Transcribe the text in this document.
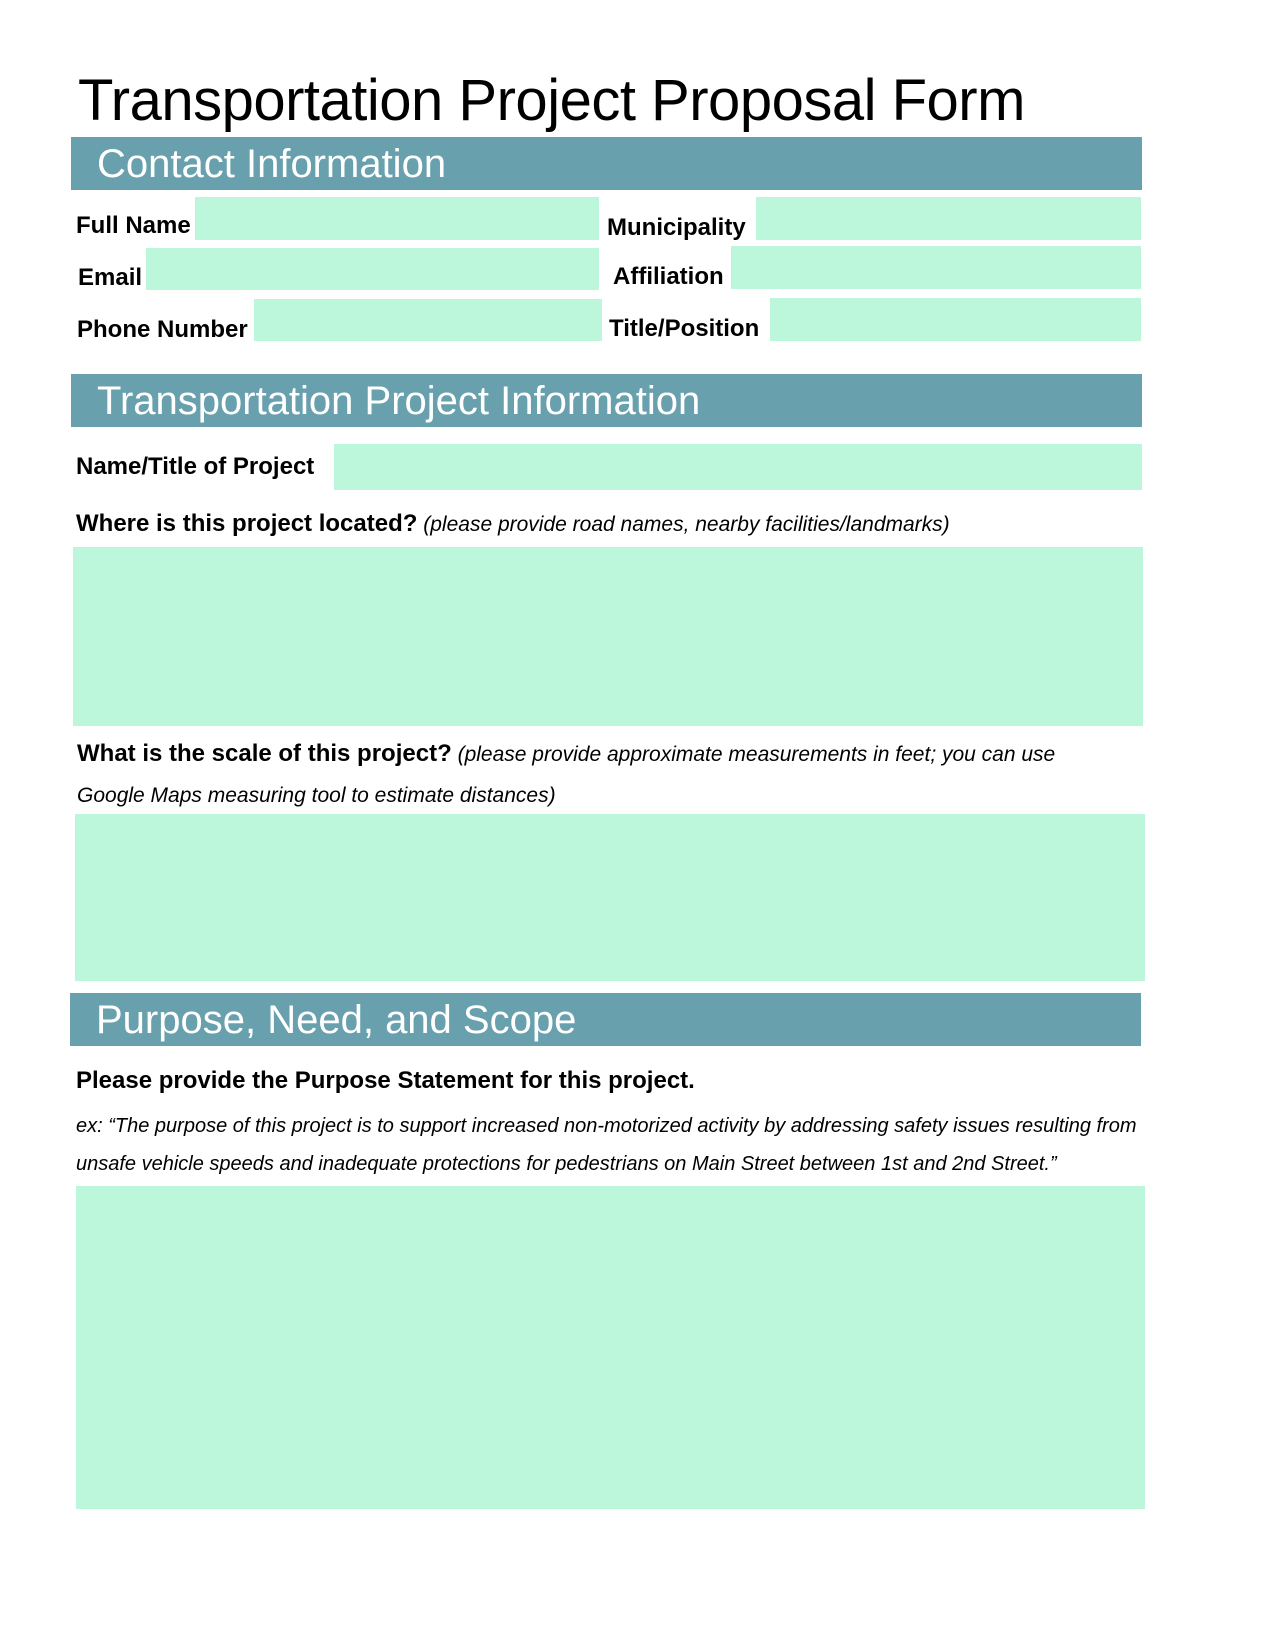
Transportation Project Proposal Form
Contact Information
Full Name
Email
Phone Number
Municipality
Affiliation
Title/Position
Transportation Project Information
Name/Title of Project
Where is this project located? (please provide road names, nearby facilities/landmarks)
What is the scale of this project? (please provide approximate measurements in feet; you can use Google Maps measuring tool to estimate distances)
Purpose, Need, and Scope
Please provide the Purpose Statement for this project.
ex: “The purpose of this project is to support increased non-motorized activity by addressing safety issues resulting from unsafe vehicle speeds and inadequate protections for pedestrians on Main Street between 1st and 2nd Street.”
